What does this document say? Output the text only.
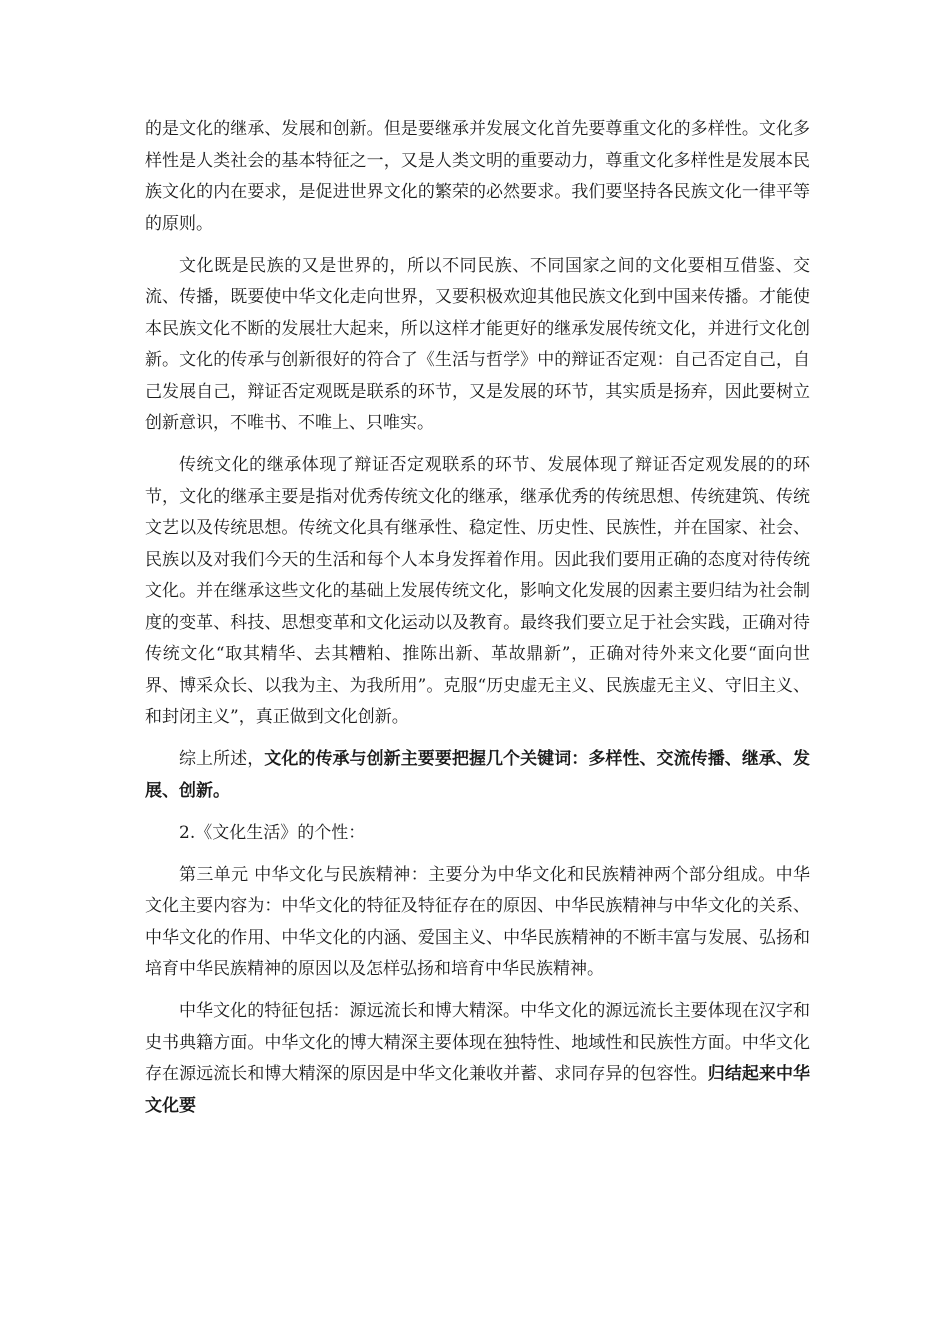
的是文化的继承、发展和创新。但是要继承并发展文化首先要尊重文化的多样性。文化多样性是人类社会的基本特征之一，又是人类文明的重要动力，尊重文化多样性是发展本民族文化的内在要求，是促进世界文化的繁荣的必然要求。我们要坚持各民族文化一律平等的原则。

文化既是民族的又是世界的，所以不同民族、不同国家之间的文化要相互借鉴、交流、传播，既要使中华文化走向世界，又要积极欢迎其他民族文化到中国来传播。才能使本民族文化不断的发展壮大起来，所以这样才能更好的继承发展传统文化，并进行文化创新。文化的传承与创新很好的符合了《生活与哲学》中的辩证否定观：自己否定自己，自己发展自己，辩证否定观既是联系的环节，又是发展的环节，其实质是扬弃，因此要树立创新意识，不唯书、不唯上、只唯实。

传统文化的继承体现了辩证否定观联系的环节、发展体现了辩证否定观发展的的环节，文化的继承主要是指对优秀传统文化的继承，继承优秀的传统思想、传统建筑、传统文艺以及传统思想。传统文化具有继承性、稳定性、历史性、民族性，并在国家、社会、民族以及对我们今天的生活和每个人本身发挥着作用。因此我们要用正确的态度对待传统文化。并在继承这些文化的基础上发展传统文化，影响文化发展的因素主要归结为社会制度的变革、科技、思想变革和文化运动以及教育。最终我们要立足于社会实践，正确对待传统文化“取其精华、去其糟粕、推陈出新、革故鼎新”，正确对待外来文化要“面向世界、博采众长、以我为主、为我所用”。克服“历史虚无主义、民族虚无主义、守旧主义、和封闭主义”，真正做到文化创新。

综上所述，文化的传承与创新主要要把握几个关键词：多样性、交流传播、继承、发展、创新。

2.《文化生活》的个性：

第三单元 中华文化与民族精神：主要分为中华文化和民族精神两个部分组成。中华文化主要内容为：中华文化的特征及特征存在的原因、中华民族精神与中华文化的关系、中华文化的作用、中华文化的内涵、爱国主义、中华民族精神的不断丰富与发展、弘扬和培育中华民族精神的原因以及怎样弘扬和培育中华民族精神。

中华文化的特征包括：源远流长和博大精深。中华文化的源远流长主要体现在汉字和史书典籍方面。中华文化的博大精深主要体现在独特性、地域性和民族性方面。中华文化存在源远流长和博大精深的原因是中华文化兼收并蓄、求同存异的包容性。归结起来中华文化要
